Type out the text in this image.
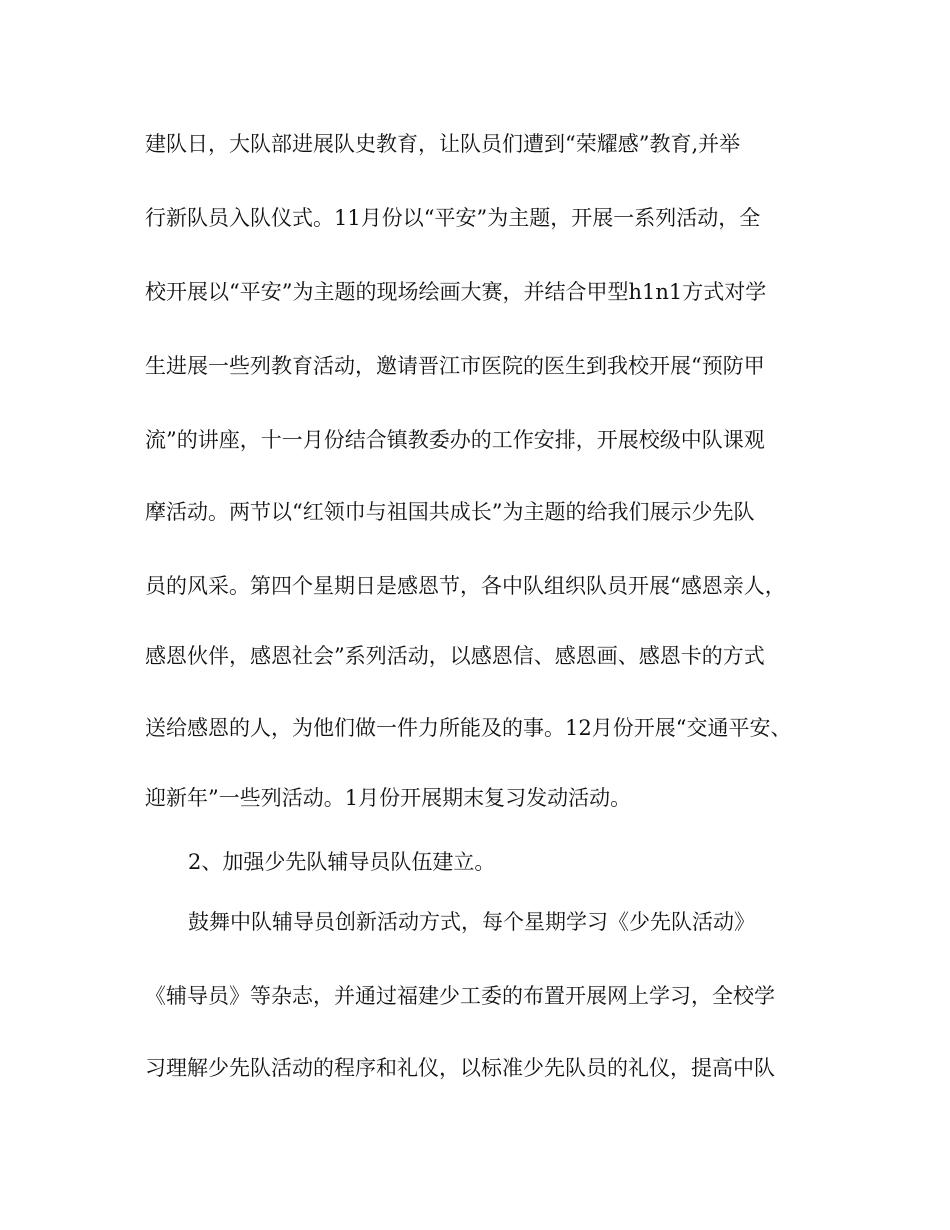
建队日，大队部进展队史教育，让队员们遭到“荣耀感”教育,并举
行新队员入队仪式。11月份以“平安”为主题，开展一系列活动，全
校开展以“平安”为主题的现场绘画大赛，并结合甲型h1n1方式对学
生进展一些列教育活动，邀请晋江市医院的医生到我校开展“预防甲
流”的讲座，十一月份结合镇教委办的工作安排，开展校级中队课观
摩活动。两节以“红领巾与祖国共成长”为主题的给我们展示少先队
员的风采。第四个星期日是感恩节，各中队组织队员开展“感恩亲人，
感恩伙伴，感恩社会”系列活动，以感恩信、感恩画、感恩卡的方式
送给感恩的人，为他们做一件力所能及的事。12月份开展“交通平安、
迎新年”一些列活动。1月份开展期末复习发动活动。
2、加强少先队辅导员队伍建立。
鼓舞中队辅导员创新活动方式，每个星期学习《少先队活动》
《辅导员》等杂志，并通过福建少工委的布置开展网上学习，全校学
习理解少先队活动的程序和礼仪，以标准少先队员的礼仪，提高中队
